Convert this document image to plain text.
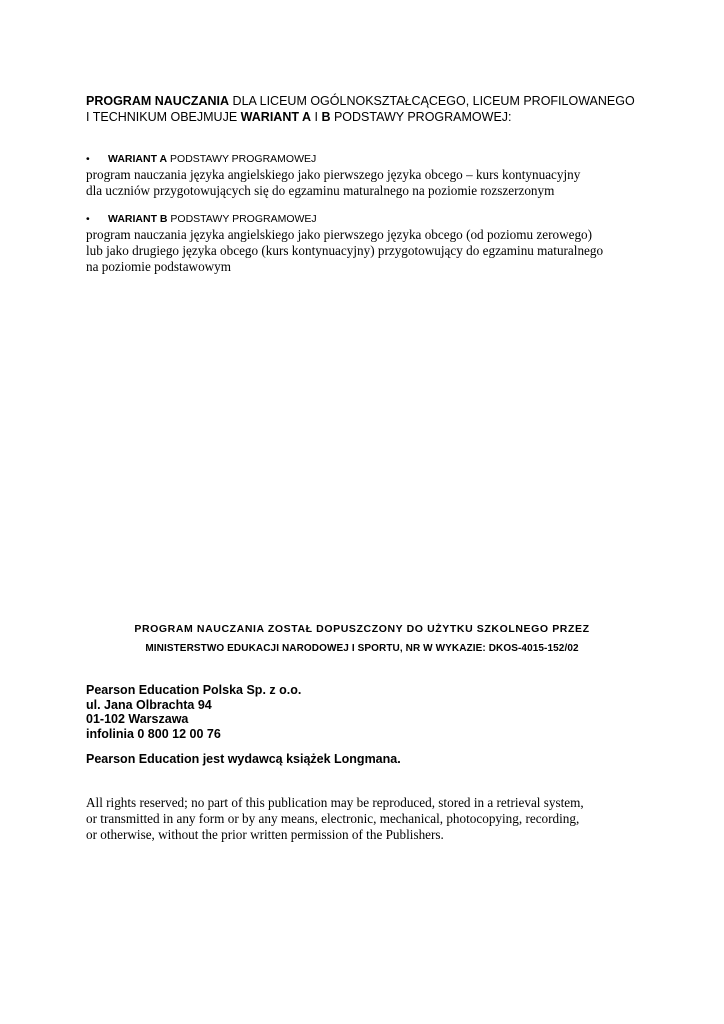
PROGRAM NAUCZANIA DLA LICEUM OGÓLNOKSZTAŁCĄCEGO, LICEUM PROFILOWANEGO
I TECHNIKUM OBEJMUJE WARIANT A I B PODSTAWY PROGRAMOWEJ:
• WARIANT A PODSTAWY PROGRAMOWEJ
program nauczania języka angielskiego jako pierwszego języka obcego – kurs kontynuacyjny
dla uczniów przygotowujących się do egzaminu maturalnego na poziomie rozszerzonym
• WARIANT B PODSTAWY PROGRAMOWEJ
program nauczania języka angielskiego jako pierwszego języka obcego (od poziomu zerowego)
lub jako drugiego języka obcego (kurs kontynuacyjny) przygotowujący do egzaminu maturalnego
na poziomie podstawowym
PROGRAM NAUCZANIA ZOSTAŁ DOPUSZCZONY DO UŻYTKU SZKOLNEGO PRZEZ
MINISTERSTWO EDUKACJI NARODOWEJ I SPORTU, NR W WYKAZIE: DKOS-4015-152/02
Pearson Education Polska Sp. z o.o.
ul. Jana Olbrachta 94
01-102 Warszawa
infolinia 0 800 12 00 76
Pearson Education jest wydawcą książek Longmana.
All rights reserved; no part of this publication may be reproduced, stored in a retrieval system,
or transmitted in any form or by any means, electronic, mechanical, photocopying, recording,
or otherwise, without the prior written permission of the Publishers.
